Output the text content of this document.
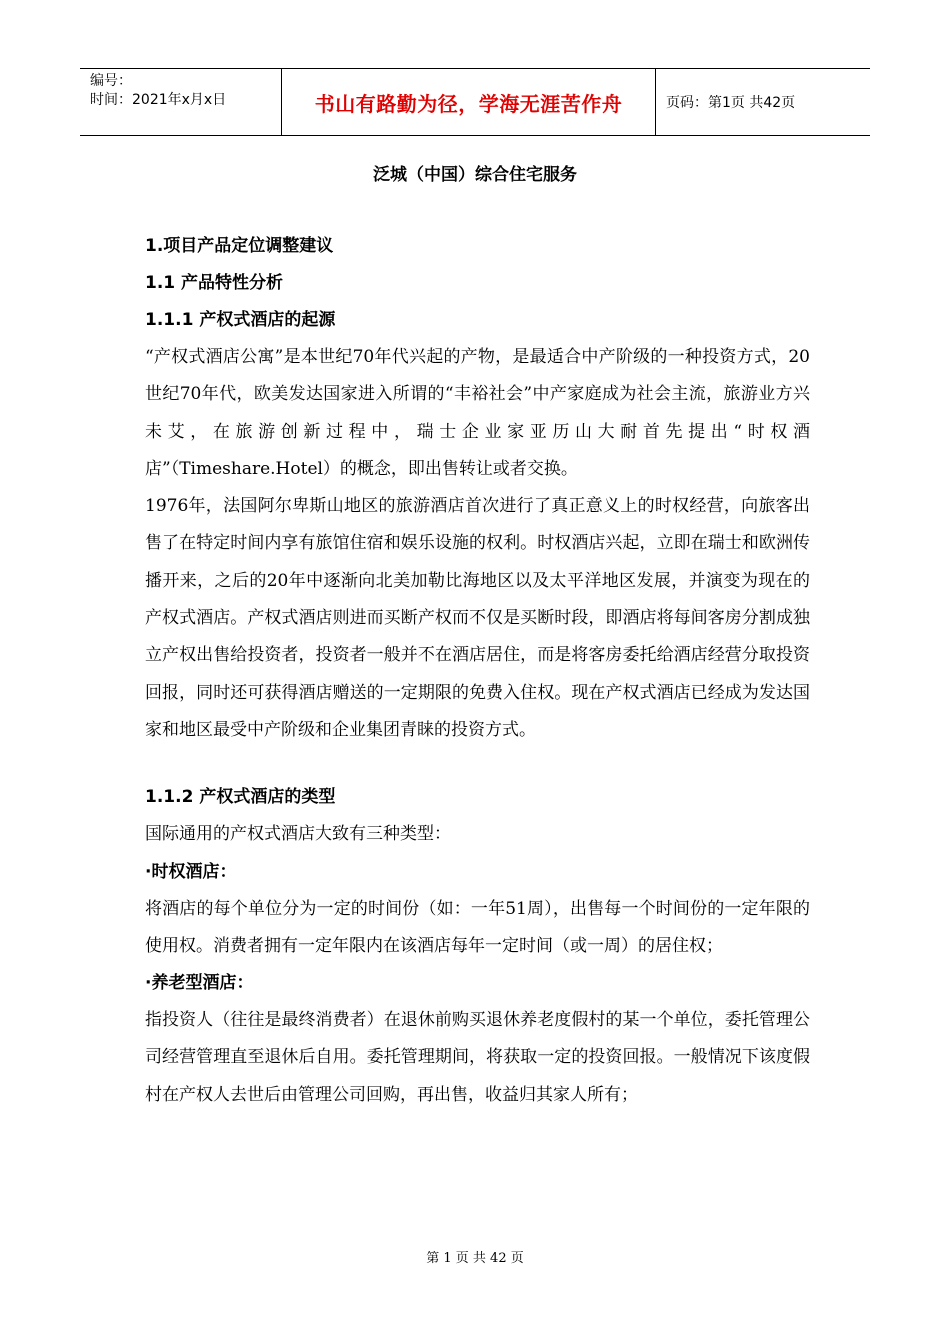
编号：
时间：2021年x月x日	书山有路勤为径，学海无涯苦作舟	页码：第1页 共42页
泛城（中国）综合住宅服务
1.项目产品定位调整建议
1.1 产品特性分析
1.1.1 产权式酒店的起源
“产权式酒店公寓”是本世纪70年代兴起的产物，是最适合中产阶级的一种投资方式，20世纪70年代，欧美发达国家进入所谓的“丰裕社会”中产家庭成为社会主流，旅游业方兴未艾，在旅游创新过程中，瑞士企业家亚历山大耐首先提出“时权酒店”（Timeshare.Hotel）的概念，即出售转让或者交换。
1976年，法国阿尔卑斯山地区的旅游酒店首次进行了真正意义上的时权经营，向旅客出售了在特定时间内享有旅馆住宿和娱乐设施的权利。时权酒店兴起，立即在瑞士和欧洲传播开来，之后的20年中逐渐向北美加勒比海地区以及太平洋地区发展，并演变为现在的产权式酒店。产权式酒店则进而买断产权而不仅是买断时段，即酒店将每间客房分割成独立产权出售给投资者，投资者一般并不在酒店居住，而是将客房委托给酒店经营分取投资回报，同时还可获得酒店赠送的一定期限的免费入住权。现在产权式酒店已经成为发达国家和地区最受中产阶级和企业集团青睐的投资方式。
1.1.2 产权式酒店的类型
国际通用的产权式酒店大致有三种类型：
·时权酒店：
将酒店的每个单位分为一定的时间份（如：一年51周），出售每一个时间份的一定年限的使用权。消费者拥有一定年限内在该酒店每年一定时间（或一周）的居住权；
·养老型酒店：
指投资人（往往是最终消费者）在退休前购买退休养老度假村的某一个单位，委托管理公司经营管理直至退休后自用。委托管理期间，将获取一定的投资回报。一般情况下该度假村在产权人去世后由管理公司回购，再出售，收益归其家人所有；
第 1 页 共 42 页
